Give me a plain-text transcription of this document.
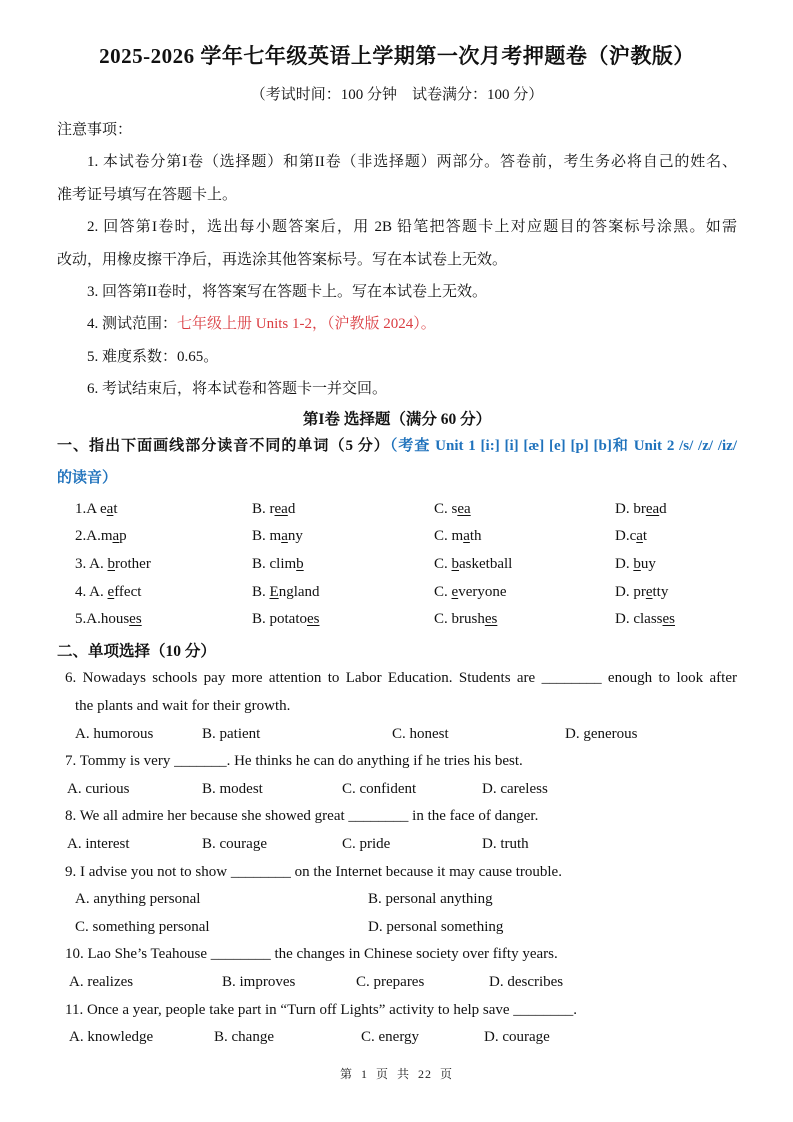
2025-2026 学年七年级英语上学期第一次月考押题卷（沪教版）
（考试时间：100 分钟　试卷满分：100 分）
注意事项：
1. 本试卷分第I卷（选择题）和第II卷（非选择题）两部分。答卷前，考生务必将自己的姓名、
准考证号填写在答题卡上。
2. 回答第I卷时，选出每小题答案后，用 2B 铅笔把答题卡上对应题目的答案标号涂黑。如需
改动，用橡皮擦干净后，再选涂其他答案标号。写在本试卷上无效。
3. 回答第II卷时，将答案写在答题卡上。写在本试卷上无效。
4. 测试范围：七年级上册 Units 1-2，（沪教版 2024）。
5. 难度系数：0.65。
6. 考试结束后，将本试卷和答题卡一并交回。
第I卷 选择题（满分 60 分）
一、指出下面画线部分读音不同的单词（5 分）（考查 Unit 1 [i:] [i] [æ] [e] [p] [b]和 Unit 2 /s/ /z/ /iz/
的读音）
1.A eat	B. read	C. sea	D. bread
2.A.map	B. many	C. math	D.cat
3. A. brother	B. climb	C. basketball	D. buy
4. A. effect	B. England	C. everyone	D. pretty
5.A.houses	B. potatoes	C. brushes	D. classes
二、单项选择（10 分）
6. Nowadays schools pay more attention to Labor Education. Students are ________ enough to look after
the plants and wait for their growth.
A. humorous	B. patient	C. honest	D. generous
7. Tommy is very _______. He thinks he can do anything if he tries his best.
A. curious	B. modest	C. confident	D. careless
8. We all admire her because she showed great ________ in the face of danger.
A. interest	B. courage	C. pride	D. truth
9. I advise you not to show ________ on the Internet because it may cause trouble.
A. anything personal	B. personal anything
C. something personal	D. personal something
10. Lao She’s Teahouse ________ the changes in Chinese society over fifty years.
A. realizes	B. improves	C. prepares	D. describes
11. Once a year, people take part in “Turn off Lights” activity to help save ________.
A. knowledge	B. change	C. energy	D. courage
第 1 页 共 22 页
